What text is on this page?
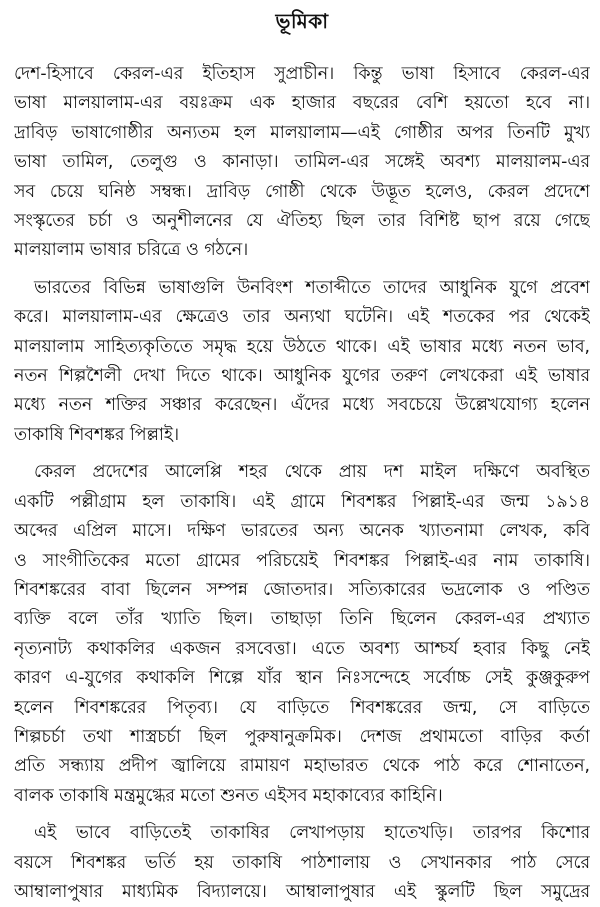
ভূমিকা

দেশ-হিসাবে কেরল-এর ইতিহাস সুপ্রাচীন। কিন্তু ভাষা হিসাবে কেরল-এর
ভাষা মালয়ালাম-এর বয়ঃক্রম এক হাজার বছরের বেশি হয়তো হবে না।
দ্রাবিড় ভাষাগোষ্ঠীর অন্যতম হল মালয়ালাম—এই গোষ্ঠীর অপর তিনটি মুখ্য
ভাষা তামিল, তেলুগু ও কানাড়া। তামিল-এর সঙ্গেই অবশ্য মালয়ালম-এর
সব চেয়ে ঘনিষ্ঠ সম্বন্ধ। দ্রাবিড় গোষ্ঠী থেকে উদ্ভূত হলেও, কেরল প্রদেশে
সংস্কৃতের চর্চা ও অনুশীলনের যে ঐতিহ্য ছিল তার বিশিষ্ট ছাপ রয়ে গেছে
মালয়ালাম ভাষার চরিত্রে ও গঠনে।

ভারতের বিভিন্ন ভাষাগুলি উনবিংশ শতাব্দীতে তাদের আধুনিক যুগে প্রবেশ
করে। মালয়ালাম-এর ক্ষেত্রেও তার অন্যথা ঘটেনি। এই শতকের পর থেকেই
মালয়ালাম সাহিত্যকৃতিতে সমৃদ্ধ হয়ে উঠতে থাকে। এই ভাষার মধ্যে নতন ভাব,
নতন শিল্পশৈলী দেখা দিতে থাকে। আধুনিক যুগের তরুণ লেখকেরা এই ভাষার
মধ্যে নতন শক্তির সঞ্চার করেছেন। এঁদের মধ্যে সবচেয়ে উল্লেখযোগ্য হলেন
তাকাষি শিবশঙ্কর পিল্লাই।

কেরল প্রদেশের আলেপ্পি শহর থেকে প্রায় দশ মাইল দক্ষিণে অবস্থিত
একটি পল্লীগ্রাম হল তাকাষি। এই গ্রামে শিবশঙ্কর পিল্লাই-এর জন্ম ১৯১৪
অব্দের এপ্রিল মাসে। দক্ষিণ ভারতের অন্য অনেক খ্যাতনামা লেখক, কবি
ও সাংগীতিকের মতো গ্রামের পরিচয়েই শিবশঙ্কর পিল্লাই-এর নাম তাকাষি।
শিবশঙ্করের বাবা ছিলেন সম্পন্ন জোতদার। সত্যিকারের ভদ্রলোক ও পণ্ডিত
ব্যক্তি বলে তাঁর খ্যাতি ছিল। তাছাড়া তিনি ছিলেন কেরল-এর প্রখ্যাত
নৃত্যনাট্য কথাকলির একজন রসবেত্তা। এতে অবশ্য আশ্চর্য হবার কিছু নেই
কারণ এ-যুগের কথাকলি শিল্পে যাঁর স্থান নিঃসন্দেহে সর্বোচ্চ সেই কুঞ্জকুরুপ
হলেন শিবশঙ্করের পিতৃব্য। যে বাড়িতে শিবশঙ্করের জন্ম, সে বাড়িতে
শিল্পচর্চা তথা শাস্ত্রচর্চা ছিল পুরুষানুক্রমিক। দেশজ প্রথামতো বাড়ির কর্তা
প্রতি সন্ধ্যায় প্রদীপ জ্বালিয়ে রামায়ণ মহাভারত থেকে পাঠ করে শোনাতেন,
বালক তাকাষি মন্ত্রমুগ্ধের মতো শুনত এইসব মহাকাব্যের কাহিনি।

এই ভাবে বাড়িতেই তাকাষির লেখাপড়ায় হাতেখড়ি। তারপর কিশোর
বয়সে শিবশঙ্কর ভর্তি হয় তাকাষি পাঠশালায় ও সেখানকার পাঠ সেরে
আম্বালাপুষার মাধ্যমিক বিদ্যালয়ে। আম্বালাপুষার এই স্কুলটি ছিল সমুদ্রের
